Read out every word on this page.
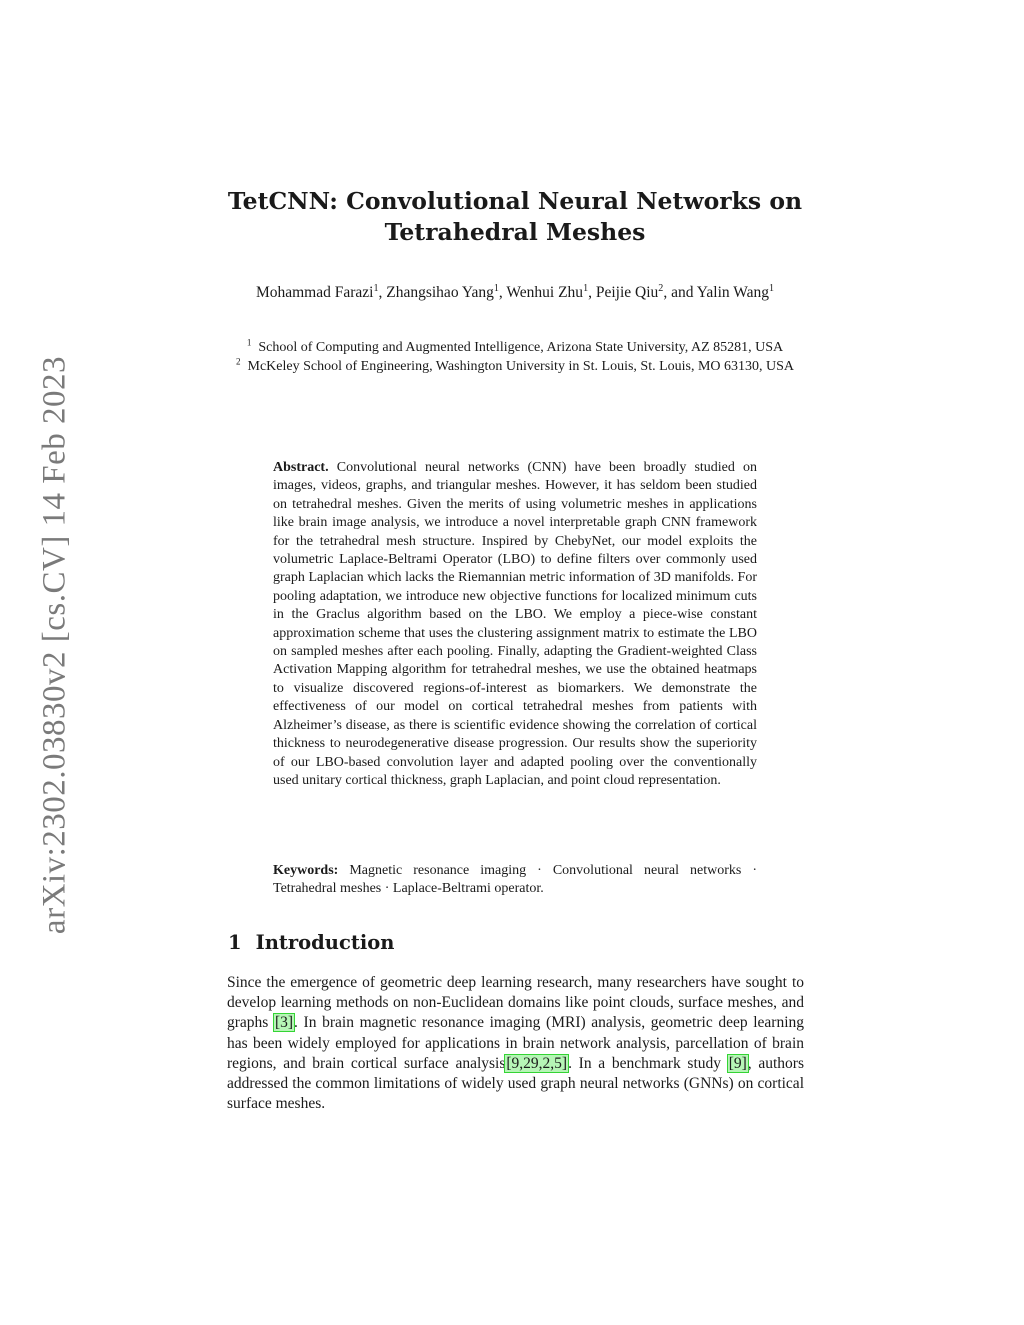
arXiv:2302.03830v2 [cs.CV] 14 Feb 2023
TetCNN: Convolutional Neural Networks on
Tetrahedral Meshes
Mohammad Farazi$^1$, Zhangsihao Yang$^1$, Wenhui Zhu$^1$, Peijie Qiu$^2$, and Yalin Wang$^1$
$^1$ School of Computing and Augmented Intelligence, Arizona State University, AZ 85281, USA
$^2$ McKeley School of Engineering, Washington University in St. Louis, St. Louis, MO 63130, USA
Abstract. Convolutional neural networks (CNN) have been broadly studied on images, videos, graphs, and triangular meshes. However, it has seldom been studied on tetrahedral meshes. Given the merits of using volumetric meshes in applications like brain image analysis, we introduce a novel interpretable graph CNN framework for the tetrahedral mesh structure. Inspired by ChebyNet, our model exploits the volumetric Laplace-Beltrami Operator (LBO) to define filters over commonly used graph Laplacian which lacks the Riemannian metric information of 3D manifolds. For pooling adaptation, we introduce new objective functions for localized minimum cuts in the Graclus algorithm based on the LBO. We employ a piece-wise constant approximation scheme that uses the clustering assignment matrix to estimate the LBO on sampled meshes after each pooling. Finally, adapting the Gradient-weighted Class Activation Mapping algorithm for tetrahedral meshes, we use the obtained heatmaps to visualize discovered regions-of-interest as biomarkers. We demonstrate the effectiveness of our model on cortical tetrahedral meshes from patients with Alzheimer’s disease, as there is scientific evidence showing the correlation of cortical thickness to neurodegenerative disease progression. Our results show the superiority of our LBO-based convolution layer and adapted pooling over the conventionally used unitary cortical thickness, graph Laplacian, and point cloud representation.
Keywords: Magnetic resonance imaging · Convolutional neural networks · Tetrahedral meshes · Laplace-Beltrami operator.
1 Introduction
Since the emergence of geometric deep learning research, many researchers have sought to develop learning methods on non-Euclidean domains like point clouds, surface meshes, and graphs [3]. In brain magnetic resonance imaging (MRI) analysis, geometric deep learning has been widely employed for applications in brain network analysis, parcellation of brain regions, and brain cortical surface analysis[9,29,2,5]. In a benchmark study [9], authors addressed the common limitations of widely used graph neural networks (GNNs) on cortical surface meshes.
